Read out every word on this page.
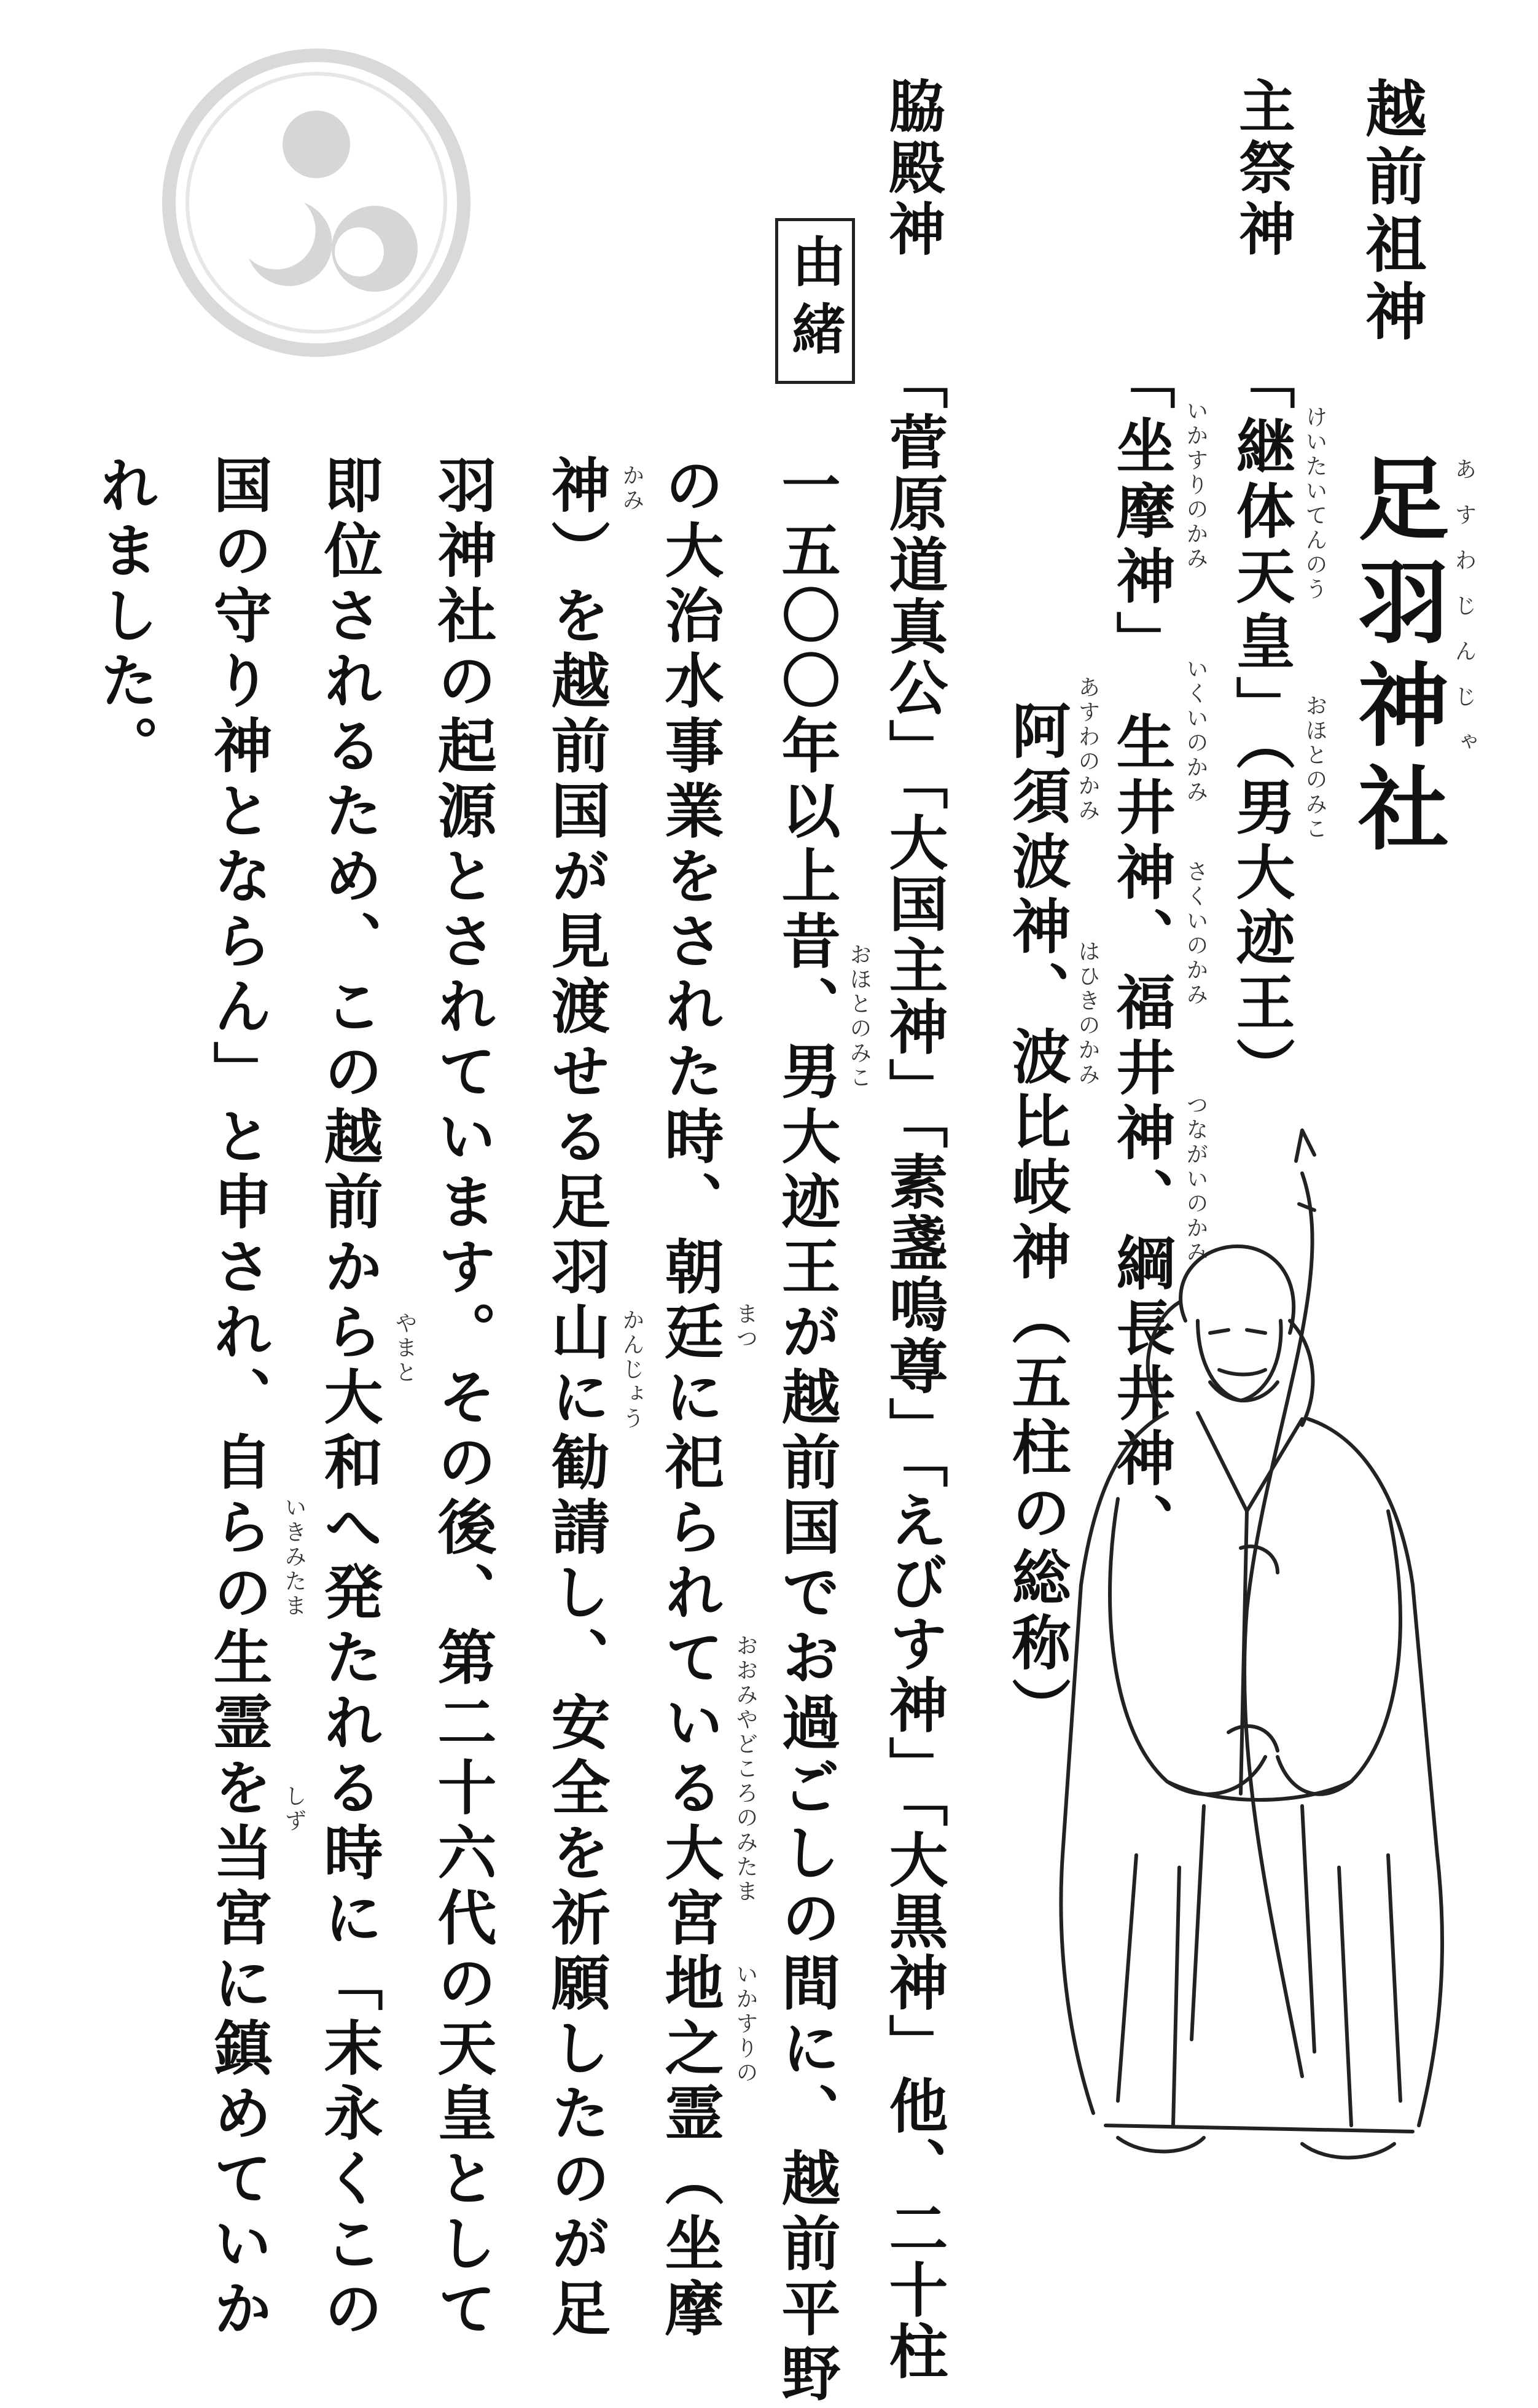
越前祖神
足羽神社 あすわじんじゃ
主祭神
「継体天皇」（男大迹王） けいたいてんのう
おほとのみこ
「坐摩神」　生井神、福井神、綱長井神、 いかすりのかみ
いくいのかみ
さくいのかみ
つながいのかみ
阿須波神、波比岐神（五柱の総称） あすわのかみ
はひきのかみ
脇殿神
「菅原道真公」「大国主神」「素盞嗚尊」「えびす神」「大黒神」他、二十柱
由緒
一五〇〇年以上昔、男大迹王が越前国でお過ごしの間に、越前平野
の大治水事業をされた時、朝廷に祀られている大宮地之霊（坐摩
神）を越前国が見渡せる足羽山に勧請し、安全を祈願したのが足
羽神社の起源とされています。その後、第二十六代の天皇として
即位されるため、この越前から大和へ発たれる時に「末永くこの
国の守り神とならん」と申され、自らの生霊を当宮に鎮めていか
れました。
おほとのみこ
まつ
おおみやどころのみたま
いかすりの
かみ
かんじょう
やまと
いきみたま
しず
